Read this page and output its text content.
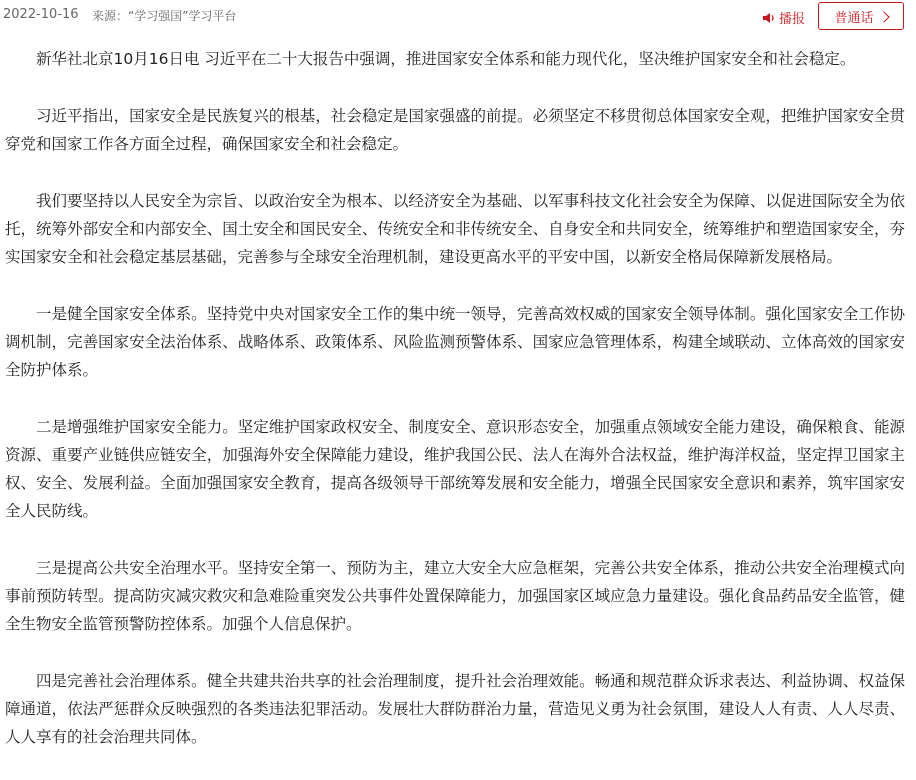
2022-10-16 来源：“学习强国”学习平台	播报 普通话

新华社北京10月16日电 习近平在二十大报告中强调，推进国家安全体系和能力现代化，坚决维护国家安全和社会稳定。

习近平指出，国家安全是民族复兴的根基，社会稳定是国家强盛的前提。必须坚定不移贯彻总体国家安全观，把维护国家安全贯穿党和国家工作各方面全过程，确保国家安全和社会稳定。

我们要坚持以人民安全为宗旨、以政治安全为根本、以经济安全为基础、以军事科技文化社会安全为保障、以促进国际安全为依托，统筹外部安全和内部安全、国土安全和国民安全、传统安全和非传统安全、自身安全和共同安全，统筹维护和塑造国家安全，夯实国家安全和社会稳定基层基础，完善参与全球安全治理机制，建设更高水平的平安中国，以新安全格局保障新发展格局。

一是健全国家安全体系。坚持党中央对国家安全工作的集中统一领导，完善高效权威的国家安全领导体制。强化国家安全工作协调机制，完善国家安全法治体系、战略体系、政策体系、风险监测预警体系、国家应急管理体系，构建全域联动、立体高效的国家安全防护体系。

二是增强维护国家安全能力。坚定维护国家政权安全、制度安全、意识形态安全，加强重点领域安全能力建设，确保粮食、能源资源、重要产业链供应链安全，加强海外安全保障能力建设，维护我国公民、法人在海外合法权益，维护海洋权益，坚定捍卫国家主权、安全、发展利益。全面加强国家安全教育，提高各级领导干部统筹发展和安全能力，增强全民国家安全意识和素养，筑牢国家安全人民防线。

三是提高公共安全治理水平。坚持安全第一、预防为主，建立大安全大应急框架，完善公共安全体系，推动公共安全治理模式向事前预防转型。提高防灾减灾救灾和急难险重突发公共事件处置保障能力，加强国家区域应急力量建设。强化食品药品安全监管，健全生物安全监管预警防控体系。加强个人信息保护。

四是完善社会治理体系。健全共建共治共享的社会治理制度，提升社会治理效能。畅通和规范群众诉求表达、利益协调、权益保障通道，依法严惩群众反映强烈的各类违法犯罪活动。发展壮大群防群治力量，营造见义勇为社会氛围，建设人人有责、人人尽责、人人享有的社会治理共同体。
